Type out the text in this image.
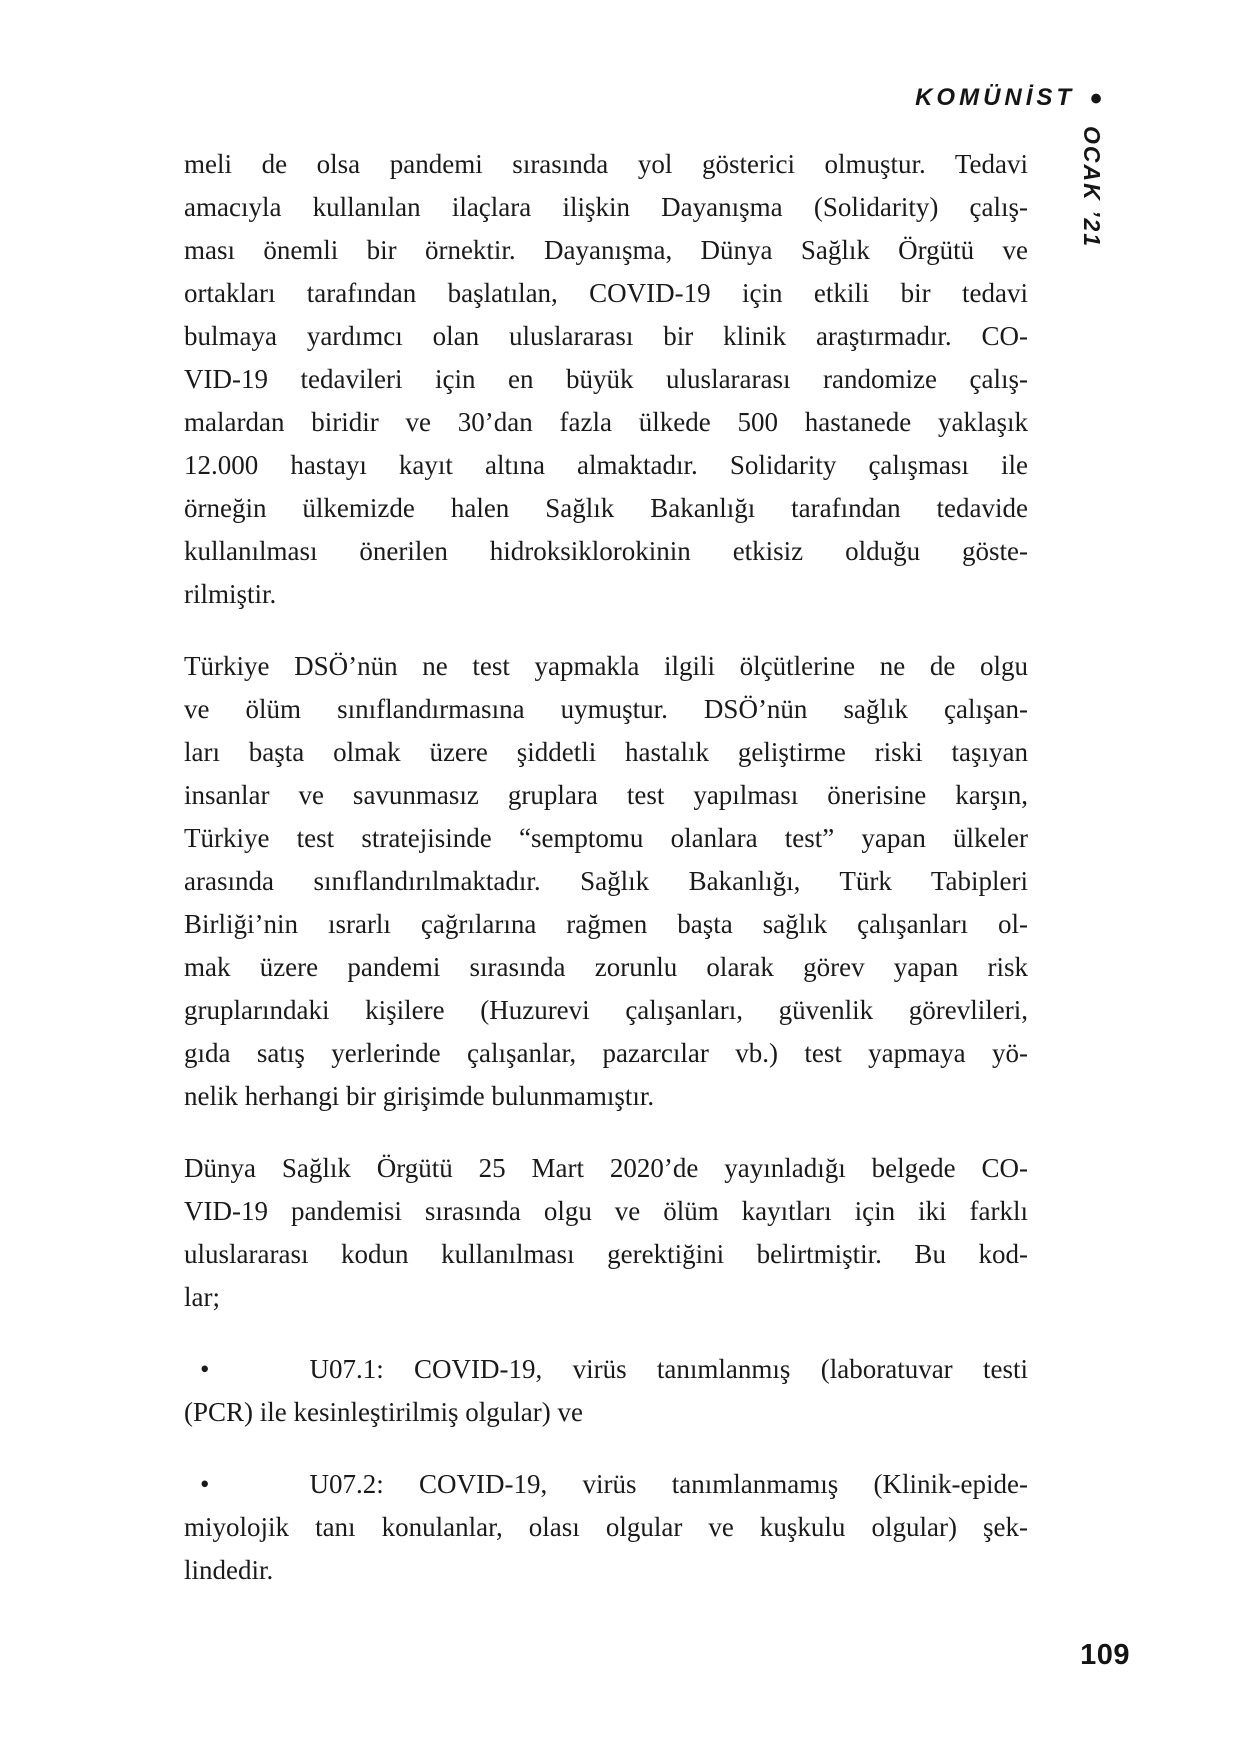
KOMÜNİST •
OCAK ’21
meli de olsa pandemi sırasında yol gösterici olmuştur. Tedavi
amacıyla kullanılan ilaçlara ilişkin Dayanışma (Solidarity) çalış-
ması önemli bir örnektir. Dayanışma, Dünya Sağlık Örgütü ve
ortakları tarafından başlatılan, COVID-19 için etkili bir tedavi
bulmaya yardımcı olan uluslararası bir klinik araştırmadır. CO-
VID-19 tedavileri için en büyük uluslararası randomize çalış-
malardan biridir ve 30’dan fazla ülkede 500 hastanede yaklaşık
12.000 hastayı kayıt altına almaktadır. Solidarity çalışması ile
örneğin ülkemizde halen Sağlık Bakanlığı tarafından tedavide
kullanılması önerilen hidroksiklorokinin etkisiz olduğu göste-
rilmiştir.
Türkiye DSÖ’nün ne test yapmakla ilgili ölçütlerine ne de olgu
ve ölüm sınıflandırmasına uymuştur. DSÖ’nün sağlık çalışan-
ları başta olmak üzere şiddetli hastalık geliştirme riski taşıyan
insanlar ve savunmasız gruplara test yapılması önerisine karşın,
Türkiye test stratejisinde “semptomu olanlara test” yapan ülkeler
arasında sınıflandırılmaktadır. Sağlık Bakanlığı, Türk Tabipleri
Birliği’nin ısrarlı çağrılarına rağmen başta sağlık çalışanları ol-
mak üzere pandemi sırasında zorunlu olarak görev yapan risk
gruplarındaki kişilere (Huzurevi çalışanları, güvenlik görevlileri,
gıda satış yerlerinde çalışanlar, pazarcılar vb.) test yapmaya yö-
nelik herhangi bir girişimde bulunmamıştır.
Dünya Sağlık Örgütü 25 Mart 2020’de yayınladığı belgede CO-
VID-19 pandemisi sırasında olgu ve ölüm kayıtları için iki farklı
uluslararası kodun kullanılması gerektiğini belirtmiştir. Bu kod-
lar;
•	U07.1: COVID-19, virüs tanımlanmış (laboratuvar testi
(PCR) ile kesinleştirilmiş olgular) ve
•	U07.2: COVID-19, virüs tanımlanmamış (Klinik-epide-
miyolojik tanı konulanlar, olası olgular ve kuşkulu olgular) şek-
lindedir.
109
